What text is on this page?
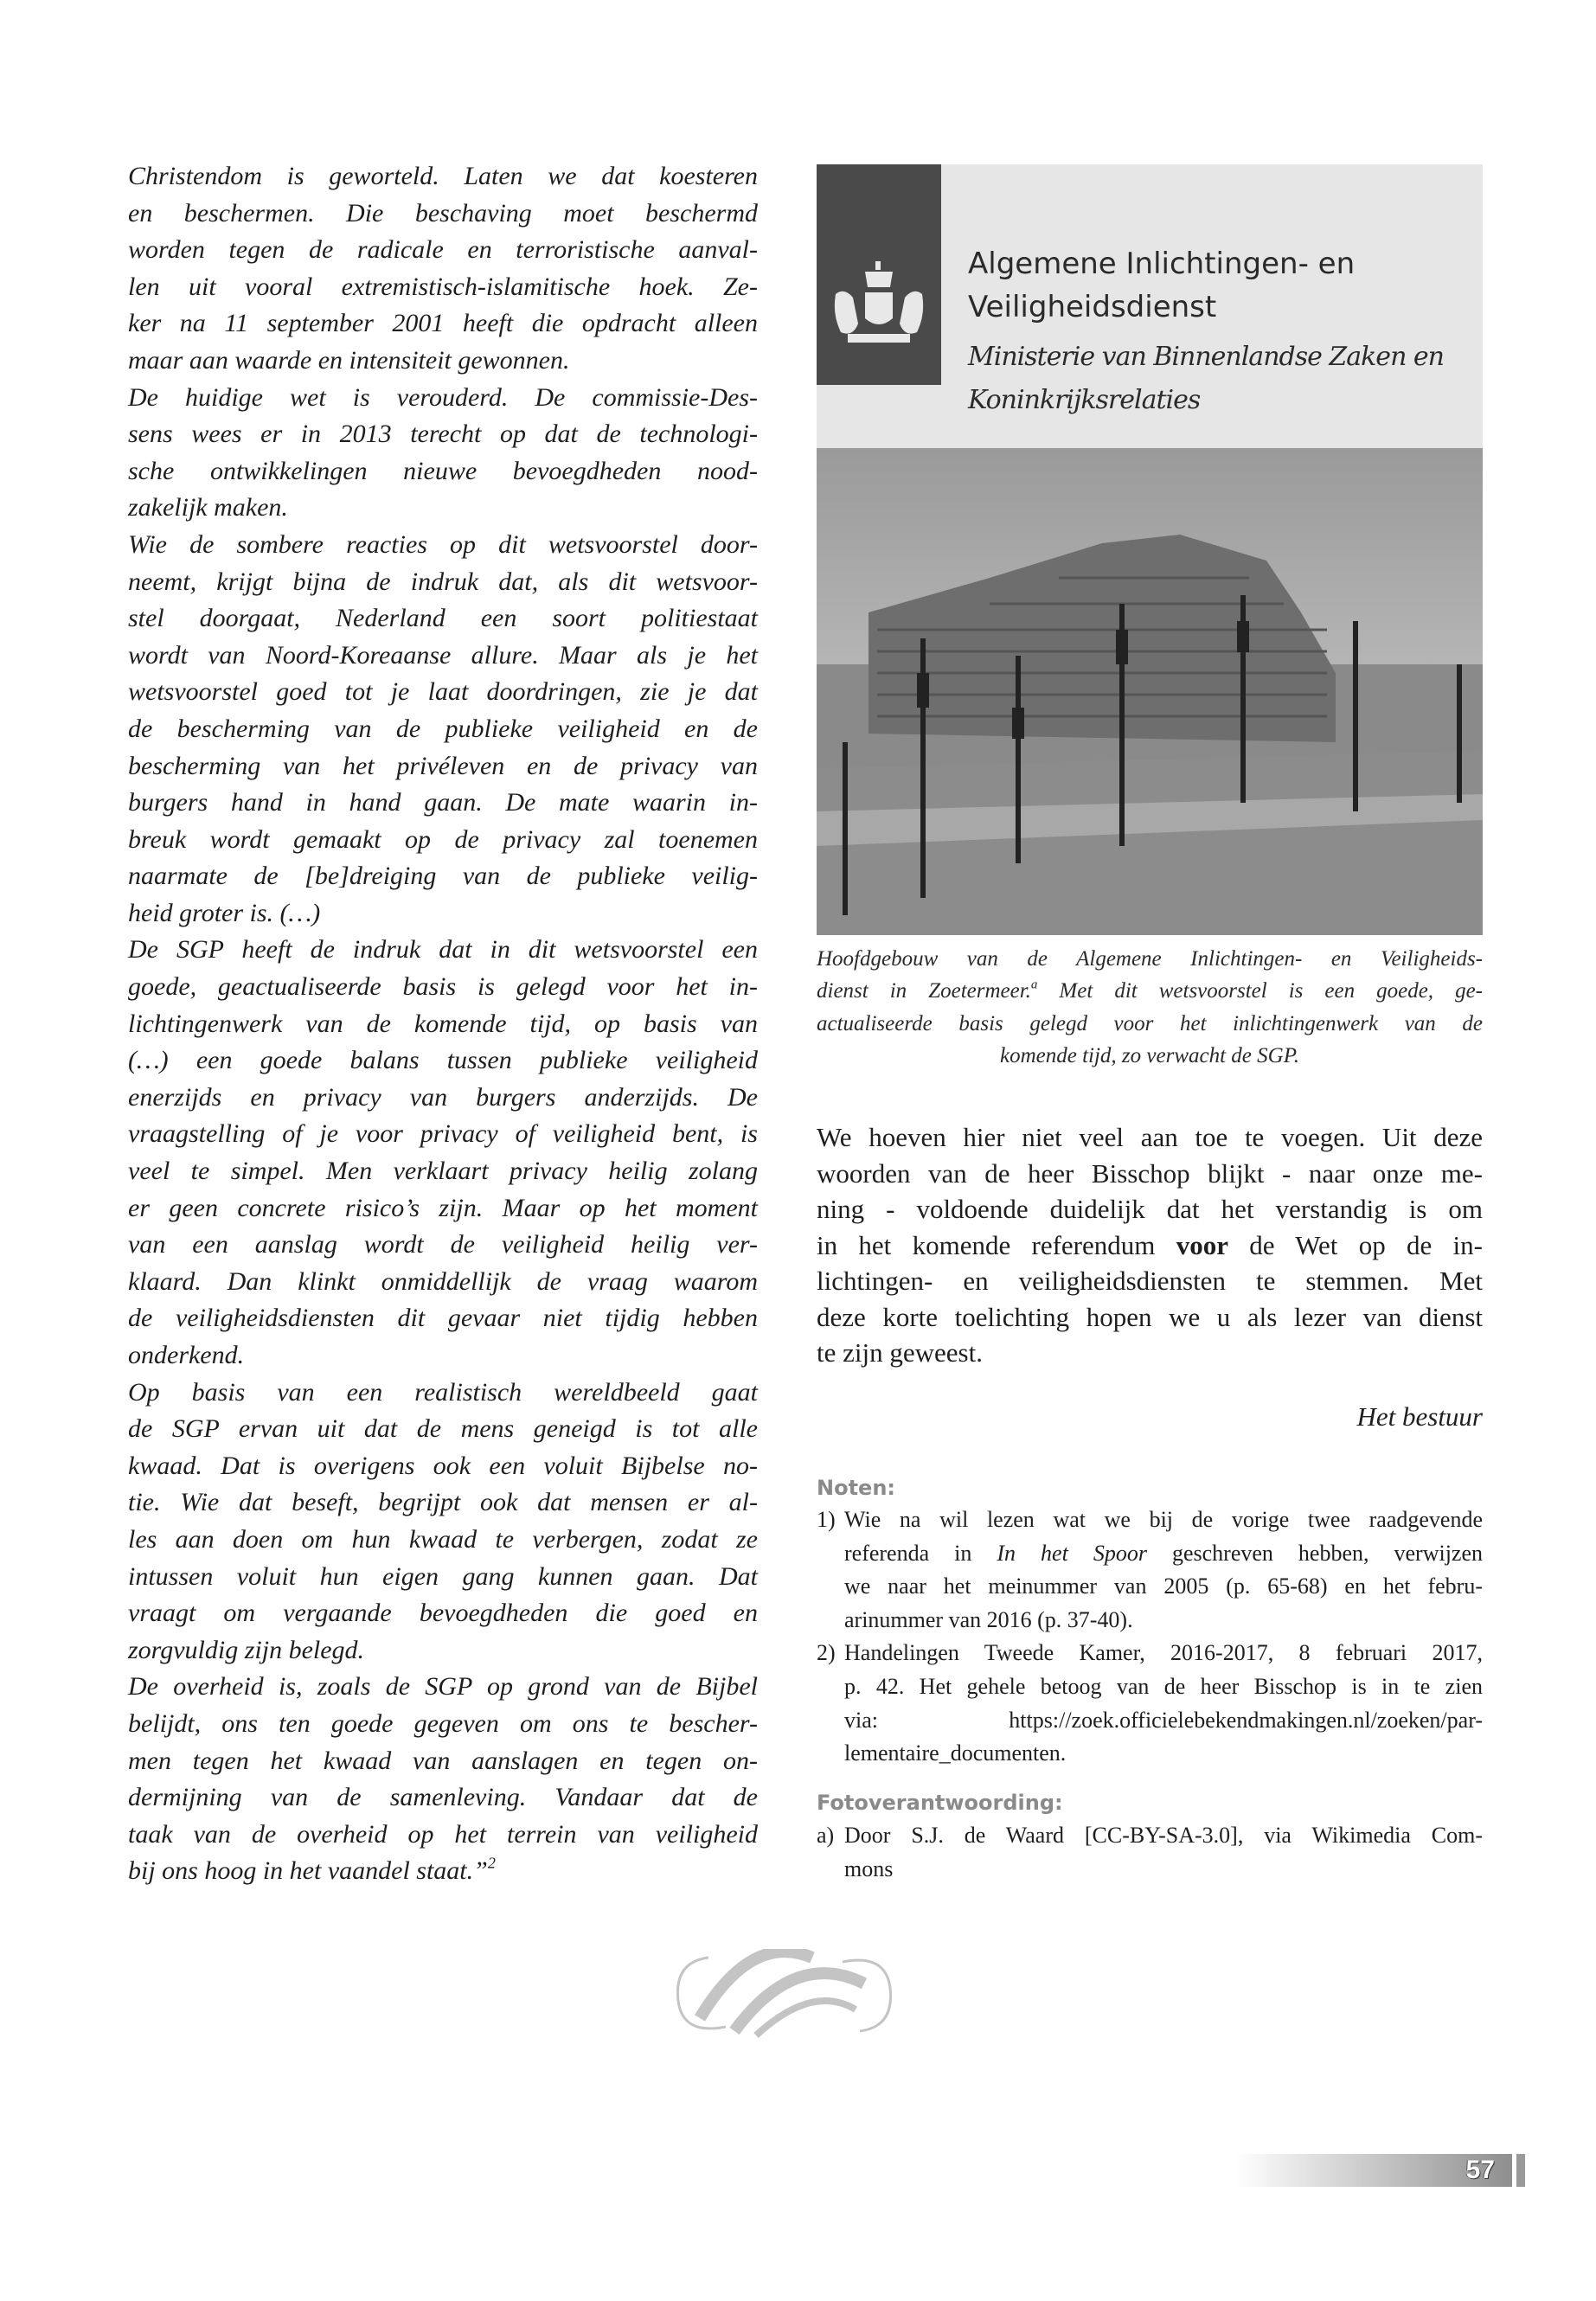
Christendom is geworteld. Laten we dat koesteren
en beschermen. Die beschaving moet beschermd
worden tegen de radicale en terroristische aanval-
len uit vooral extremistisch-islamitische hoek. Ze-
ker na 11 september 2001 heeft die opdracht alleen
maar aan waarde en intensiteit gewonnen.
De huidige wet is verouderd. De commissie-Des-
sens wees er in 2013 terecht op dat de technologi-
sche ontwikkelingen nieuwe bevoegdheden nood-
zakelijk maken.
Wie de sombere reacties op dit wetsvoorstel door-
neemt, krijgt bijna de indruk dat, als dit wetsvoor-
stel doorgaat, Nederland een soort politiestaat
wordt van Noord-Koreaanse allure. Maar als je het
wetsvoorstel goed tot je laat doordringen, zie je dat
de bescherming van de publieke veiligheid en de
bescherming van het privéleven en de privacy van
burgers hand in hand gaan. De mate waarin in-
breuk wordt gemaakt op de privacy zal toenemen
naarmate de [be]dreiging van de publieke veilig-
heid groter is. (…)
De SGP heeft de indruk dat in dit wetsvoorstel een
goede, geactualiseerde basis is gelegd voor het in-
lichtingenwerk van de komende tijd, op basis van
(…) een goede balans tussen publieke veiligheid
enerzijds en privacy van burgers anderzijds. De
vraagstelling of je voor privacy of veiligheid bent, is
veel te simpel. Men verklaart privacy heilig zolang
er geen concrete risico’s zijn. Maar op het moment
van een aanslag wordt de veiligheid heilig ver-
klaard. Dan klinkt onmiddellijk de vraag waarom
de veiligheidsdiensten dit gevaar niet tijdig hebben
onderkend.
Op basis van een realistisch wereldbeeld gaat
de SGP ervan uit dat de mens geneigd is tot alle
kwaad. Dat is overigens ook een voluit Bijbelse no-
tie. Wie dat beseft, begrijpt ook dat mensen er al-
les aan doen om hun kwaad te verbergen, zodat ze
intussen voluit hun eigen gang kunnen gaan. Dat
vraagt om vergaande bevoegdheden die goed en
zorgvuldig zijn belegd.
De overheid is, zoals de SGP op grond van de Bijbel
belijdt, ons ten goede gegeven om ons te bescher-
men tegen het kwaad van aanslagen en tegen on-
dermijning van de samenleving. Vandaar dat de
taak van de overheid op het terrein van veiligheid
bij ons hoog in het vaandel staat.”$^2$
Algemene Inlichtingen- en
Veiligheidsdienst
Ministerie van Binnenlandse Zaken en
Koninkrijksrelaties
Hoofdgebouw van de Algemene Inlichtingen- en Veiligheids-
dienst in Zoetermeer.$^a$ Met dit wetsvoorstel is een goede, ge-
actualiseerde basis gelegd voor het inlichtingenwerk van de
komende tijd, zo verwacht de SGP.
We hoeven hier niet veel aan toe te voegen. Uit deze
woorden van de heer Bisschop blijkt - naar onze me-
ning - voldoende duidelijk dat het verstandig is om
in het komende referendum voor de Wet op de in-
lichtingen- en veiligheidsdiensten te stemmen. Met
deze korte toelichting hopen we u als lezer van dienst
te zijn geweest.
Het bestuur
Noten:
1) Wie na wil lezen wat we bij de vorige twee raadgevende
referenda in In het Spoor geschreven hebben, verwijzen
we naar het meinummer van 2005 (p. 65-68) en het febru-
arinummer van 2016 (p. 37-40).
2) Handelingen Tweede Kamer, 2016-2017, 8 februari 2017,
p. 42. Het gehele betoog van de heer Bisschop is in te zien
via: https://zoek.officielebekendmakingen.nl/zoeken/par-
lementaire_documenten.
Fotoverantwoording:
a) Door S.J. de Waard [CC-BY-SA-3.0], via Wikimedia Com-
mons
57
